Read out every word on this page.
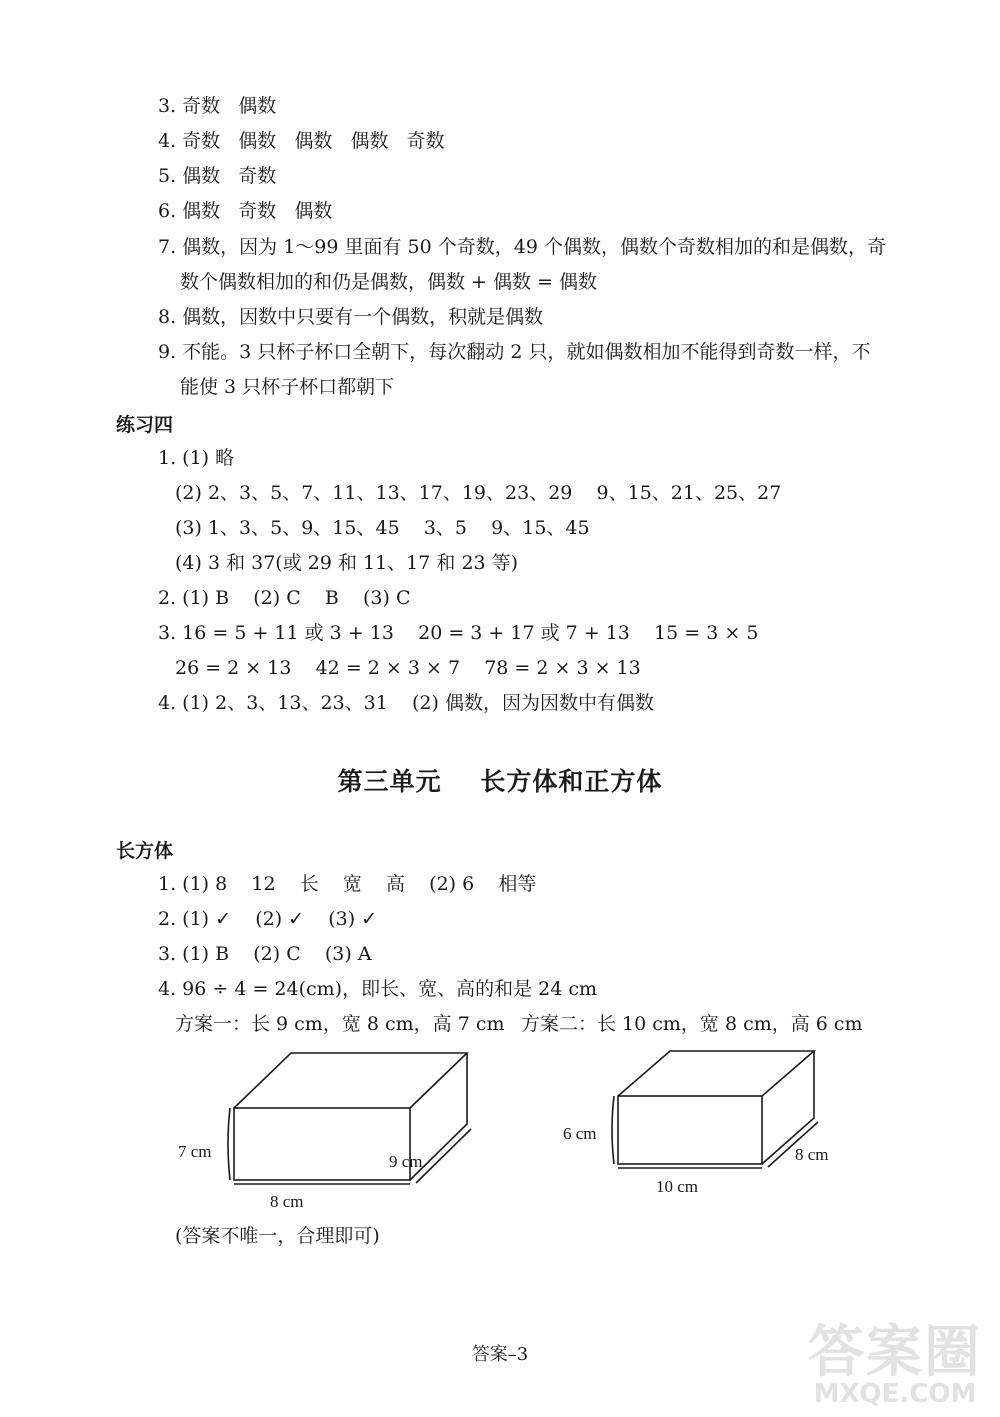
3. 奇数   偶数
4. 奇数   偶数   偶数   偶数   奇数
5. 偶数   奇数
6. 偶数   奇数   偶数
7. 偶数，因为 1～99 里面有 50 个奇数，49 个偶数，偶数个奇数相加的和是偶数，奇
数个偶数相加的和仍是偶数，偶数 + 偶数 = 偶数
8. 偶数，因数中只要有一个偶数，积就是偶数
9. 不能。3 只杯子杯口全朝下，每次翻动 2 只，就如偶数相加不能得到奇数一样，不
能使 3 只杯子杯口都朝下
练习四
1. (1) 略
(2) 2、3、5、7、11、13、17、19、23、29    9、15、21、25、27
(3) 1、3、5、9、15、45    3、5    9、15、45
(4) 3 和 37(或 29 和 11、17 和 23 等)
2. (1) B    (2) C    B    (3) C
3. 16 = 5 + 11 或 3 + 13    20 = 3 + 17 或 7 + 13    15 = 3 × 5
26 = 2 × 13    42 = 2 × 3 × 7    78 = 2 × 3 × 13
4. (1) 2、3、13、23、31    (2) 偶数，因为因数中有偶数
第三单元    长方体和正方体
长方体
1. (1) 8    12    长    宽    高    (2) 6    相等
2. (1) ✓    (2) ✓    (3) ✓
3. (1) B    (2) C    (3) A
4. 96 ÷ 4 = 24(cm)，即长、宽、高的和是 24 cm
方案一：长 9 cm，宽 8 cm，高 7 cm 方案二：长 10 cm，宽 8 cm，高 6 cm
7 cm
9 cm
8 cm
6 cm
8 cm
10 cm
(答案不唯一，合理即可)
答案–3	答案圈
MXQE.COM
